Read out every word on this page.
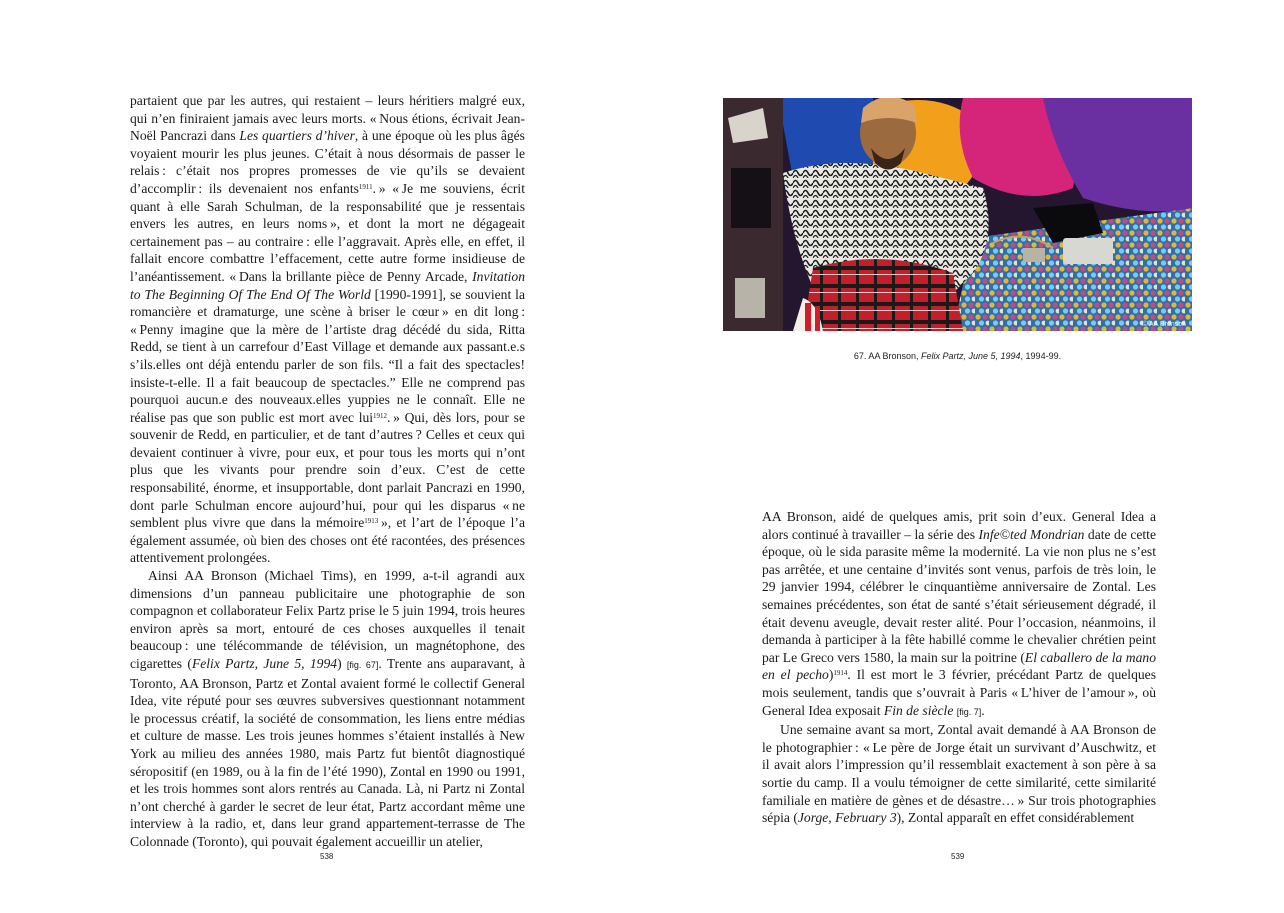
partaient que par les autres, qui restaient – leurs héritiers malgré eux, qui n’en finiraient jamais avec leurs morts. « Nous étions, écrivait Jean-Noël Pancrazi dans Les quartiers d’hiver, à une époque où les plus âgés voyaient mourir les plus jeunes. C’était à nous désormais de passer le relais : c’était nos propres promesses de vie qu’ils se devaient d’accomplir : ils devenaient nos enfants$^{1911}$. » « Je me souviens, écrit quant à elle Sarah Schulman, de la responsabilité que je ressentais envers les autres, en leurs noms », et dont la mort ne dégageait certainement pas – au contraire : elle l’aggravait. Après elle, en effet, il fallait encore combattre l’effacement, cette autre forme insidieuse de l’anéantissement. « Dans la brillante pièce de Penny Arcade, Invitation to The Beginning Of The End Of The World [1990-1991], se souvient la romancière et dramaturge, une scène à briser le cœur » en dit long : « Penny imagine que la mère de l’artiste drag décédé du sida, Ritta Redd, se tient à un carrefour d’East Village et demande aux passant.e.s s’ils.elles ont déjà entendu parler de son fils. “Il a fait des spectacles! insiste-t-elle. Il a fait beaucoup de spectacles.” Elle ne comprend pas pourquoi aucun.e des nouveaux.elles yuppies ne le connaît. Elle ne réalise pas que son public est mort avec lui$^{1912}$. » Qui, dès lors, pour se souvenir de Redd, en particulier, et de tant d’autres ? Celles et ceux qui devaient continuer à vivre, pour eux, et pour tous les morts qui n’ont plus que les vivants pour prendre soin d’eux. C’est de cette responsabilité, énorme, et insupportable, dont parlait Pancrazi en 1990, dont parle Schulman encore aujourd’hui, pour qui les disparus « ne semblent plus vivre que dans la mémoire$^{1913}$ », et l’art de l’époque l’a également assumée, où bien des choses ont été racontées, des présences attentivement prolongées.

Ainsi AA Bronson (Michael Tims), en 1999, a-t-il agrandi aux dimensions d’un panneau publicitaire une photographie de son compagnon et collaborateur Felix Partz prise le 5 juin 1994, trois heures environ après sa mort, entouré de ces choses auxquelles il tenait beaucoup : une télécommande de télévision, un magnétophone, des cigarettes (Felix Partz, June 5, 1994) [fig. 67]. Trente ans auparavant, à Toronto, AA Bronson, Partz et Zontal avaient formé le collectif General Idea, vite réputé pour ses œuvres subversives questionnant notamment le processus créatif, la société de consommation, les liens entre médias et culture de masse. Les trois jeunes hommes s’étaient installés à New York au milieu des années 1980, mais Partz fut bientôt diagnostiqué séropositif (en 1989, ou à la fin de l’été 1990), Zontal en 1990 ou 1991, et les trois hommes sont alors rentrés au Canada. Là, ni Partz ni Zontal n’ont cherché à garder le secret de leur état, Partz accordant même une interview à la radio, et, dans leur grand appartement-terrasse de The Colonnade (Toronto), qui pouvait également accueillir un atelier,

538
© AA Bronson
67. AA Bronson, Felix Partz, June 5, 1994, 1994-99.

AA Bronson, aidé de quelques amis, prit soin d’eux. General Idea a alors continué à travailler – la série des Infe©ted Mondrian date de cette époque, où le sida parasite même la modernité. La vie non plus ne s’est pas arrêtée, et une centaine d’invités sont venus, parfois de très loin, le 29 janvier 1994, célébrer le cinquantième anniversaire de Zontal. Les semaines précédentes, son état de santé s’était sérieusement dégradé, il était devenu aveugle, devait rester alité. Pour l’occasion, néanmoins, il demanda à participer à la fête habillé comme le chevalier chrétien peint par Le Greco vers 1580, la main sur la poitrine (El caballero de la mano en el pecho)$^{1914}$. Il est mort le 3 février, précédant Partz de quelques mois seulement, tandis que s’ouvrait à Paris « L’hiver de l’amour », où General Idea exposait Fin de siècle [fig. 7].

Une semaine avant sa mort, Zontal avait demandé à AA Bronson de le photographier : « Le père de Jorge était un survivant d’Auschwitz, et il avait alors l’impression qu’il ressemblait exactement à son père à sa sortie du camp. Il a voulu témoigner de cette similarité, cette similarité familiale en matière de gènes et de désastre… » Sur trois photographies sépia (Jorge, February 3), Zontal apparaît en effet considérablement

539
